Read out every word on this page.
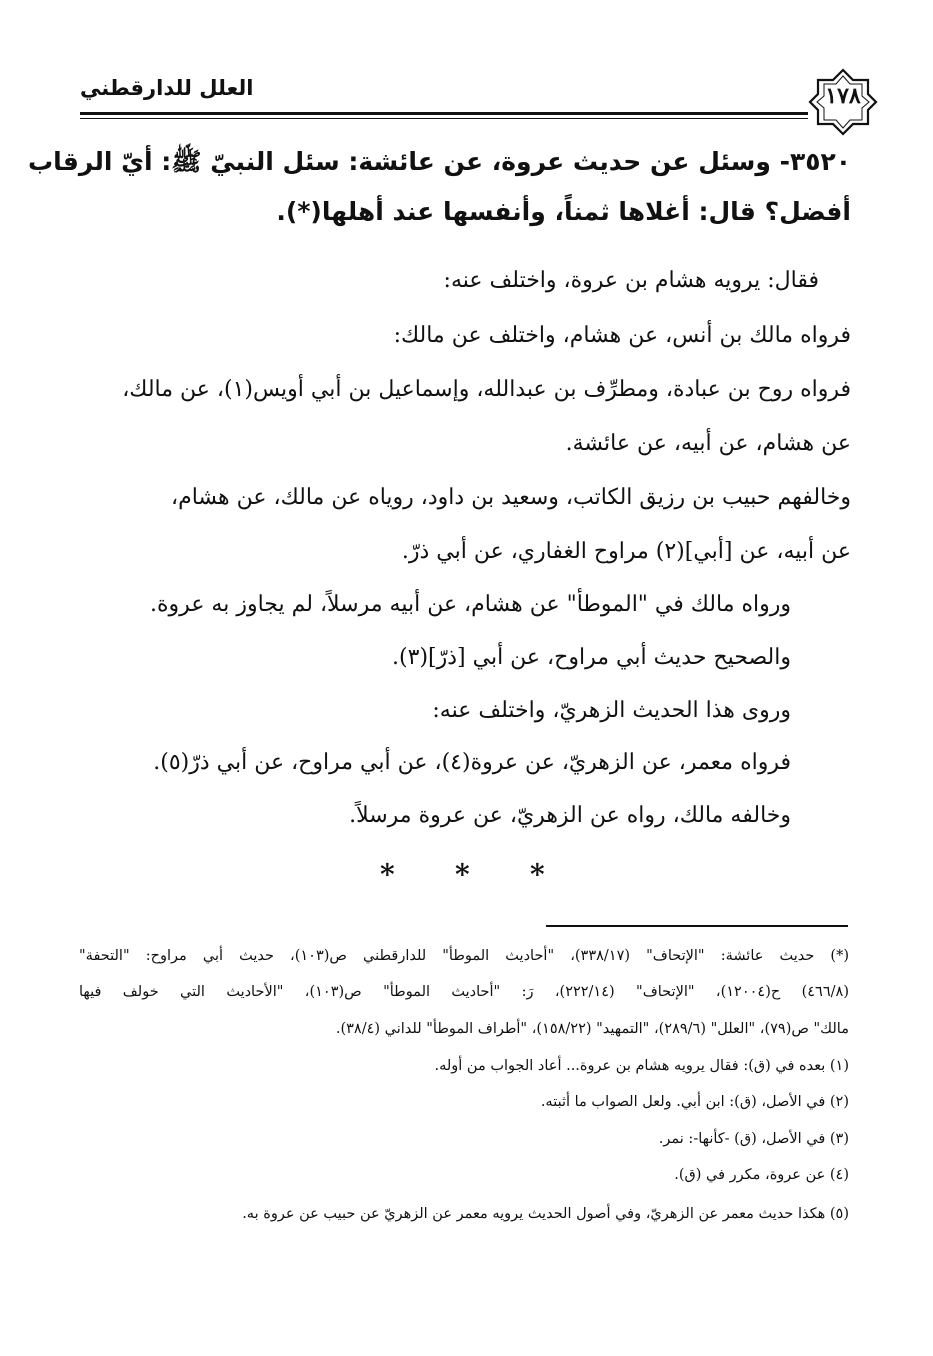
العلل للدارقطني	١٧٨
٣٥٢٠- وسئل عن حديث عروة، عن عائشة: سئل النبيّ ﷺ: أيّ الرقاب
أفضل؟ قال: أغلاها ثمناً، وأنفسها عند أهلها(*).
فقال: يرويه هشام بن عروة، واختلف عنه:
فرواه مالك بن أنس، عن هشام، واختلف عن مالك:
فرواه روح بن عبادة، ومطرِّف بن عبدالله، وإسماعيل بن أبي أويس(١)، عن مالك،
عن هشام، عن أبيه، عن عائشة.
وخالفهم حبيب بن رزيق الكاتب، وسعيد بن داود، روياه عن مالك، عن هشام،
عن أبيه، عن [أبي](٢) مراوح الغفاري، عن أبي ذرّ.
ورواه مالك في "الموطأ" عن هشام، عن أبيه مرسلاً، لم يجاوز به عروة.
والصحيح حديث أبي مراوح، عن أبي [ذرّ](٣).
وروى هذا الحديث الزهريّ، واختلف عنه:
فرواه معمر، عن الزهريّ، عن عروة(٤)، عن أبي مراوح، عن أبي ذرّ(٥).
وخالفه مالك، رواه عن الزهريّ، عن عروة مرسلاً.
* * *
(*) حديث عائشة: "الإتحاف" (٣٣٨/١٧)، "أحاديث الموطأ" للدارقطني ص(١٠٣)، حديث أبي مراوح: "التحفة"
(٤٦٦/٨) ح(١٢٠٠٤)، "الإتحاف" (٢٢٢/١٤)، رَ: "أحاديث الموطأ" ص(١٠٣)، "الأحاديث التي خولف فيها
مالك" ص(٧٩)، "العلل" (٢٨٩/٦)، "التمهيد" (١٥٨/٢٢)، "أطراف الموطأ" للداني (٣٨/٤).
(١) بعده في (ق): فقال يرويه هشام بن عروة... أعاد الجواب من أوله.
(٢) في الأصل، (ق): ابن أبي. ولعل الصواب ما أثبته.
(٣) في الأصل، (ق) -كأنها-: نمر.
(٤) عن عروة، مكرر في (ق).
(٥) هكذا حديث معمر عن الزهريّ، وفي أصول الحديث يرويه معمر عن الزهريّ عن حبيب عن عروة به.
